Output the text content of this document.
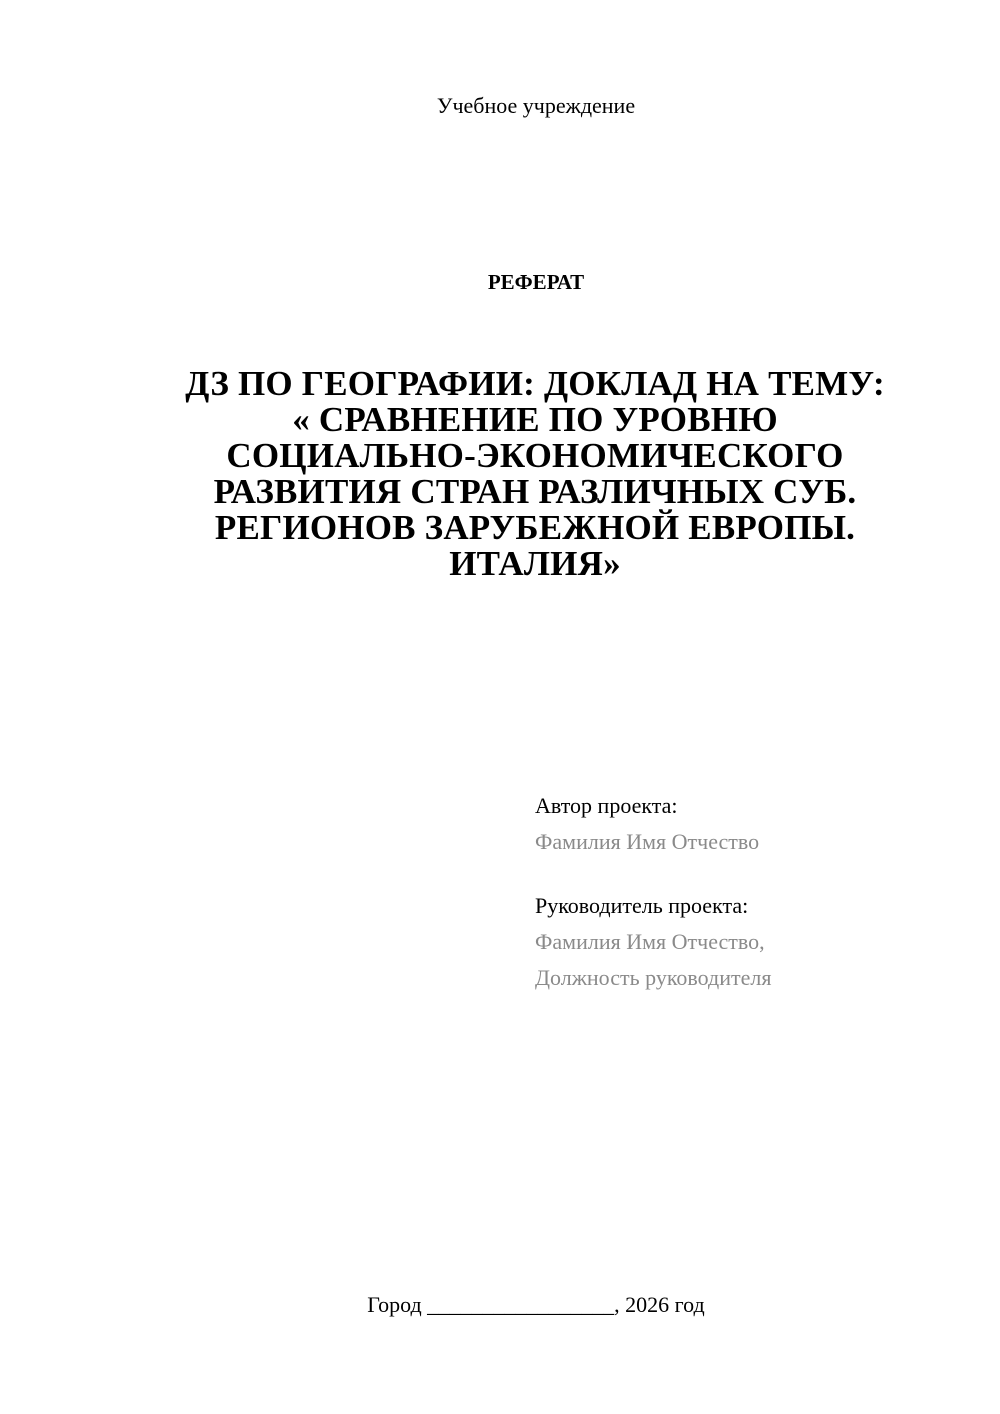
Учебное учреждение
РЕФЕРАТ
ДЗ ПО ГЕОГРАФИИ: ДОКЛАД НА ТЕМУ:
« СРАВНЕНИЕ ПО УРОВНЮ
СОЦИАЛЬНО-ЭКОНОМИЧЕСКОГО
РАЗВИТИЯ СТРАН РАЗЛИЧНЫХ СУБ.
РЕГИОНОВ ЗАРУБЕЖНОЙ ЕВРОПЫ.
ИТАЛИЯ»
Автор проекта:
Фамилия Имя Отчество
Руководитель проекта:
Фамилия Имя Отчество,
Должность руководителя
Город _________________, 2026 год
